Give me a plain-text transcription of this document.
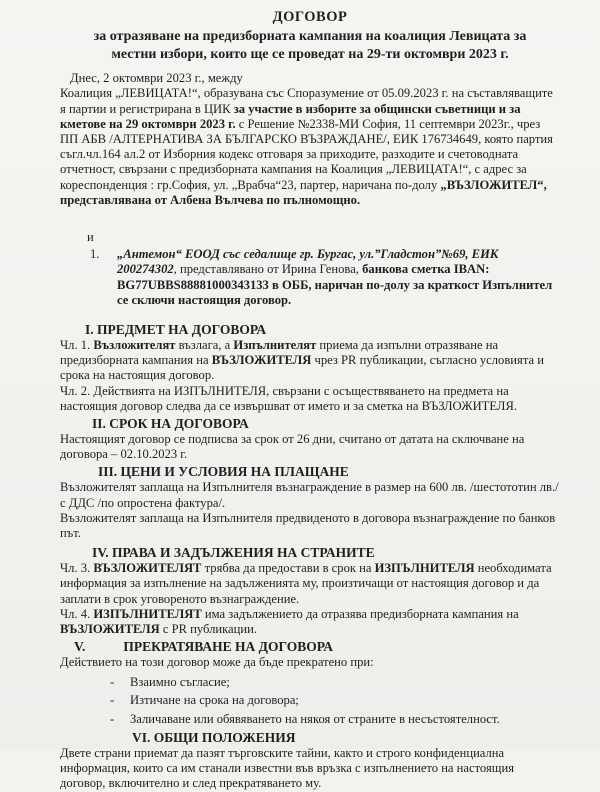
ДОГОВОР
за отразяване на предизборната кампания на коалиция Левицата за
местни избори, които ще се проведат на 29-ти октомври 2023 г.

Днес, 2 октомври 2023 г., между

Коалиция „ЛЕВИЦАТА!“, образувана със Споразумение от 05.09.2023 г. на съставляващите я партии и регистрирана в ЦИК за участие в изборите за общински съветници и за кметове на 29 октомври 2023 г. с Решение №2338-МИ София, 11 септември 2023г., чрез ПП АБВ /АЛТЕРНАТИВА ЗА БЪЛГАРСКО ВЪЗРАЖДАНЕ/, ЕИК 176734649, която партия съгл.чл.164 ал.2 от Изборния кодекс отговаря за приходите, разходите и счетоводната отчетност, свързани с предизборната кампания на Коалиция „ЛЕВИЦАТА!“, с адрес за кореспонденция : гр.София, ул. „Врабча“23, партер, наричана по-долу „ВЪЗЛОЖИТЕЛ“, представлявана от Албена Вълчева по пълномощно.

и

1.	„Антемон“ ЕООД със седалище гр. Бургас, ул.”Гладстон”№69, ЕИК 200274302, представлявано от Ирина Генова, банкова сметка IBAN: BG77UBBS88881000343133 в ОББ, наричан по-долу за краткост Изпълнител се сключи настоящия договор.
I. ПРЕДМЕТ НА ДОГОВОРА

Чл. 1. Възложителят възлага, а Изпълнителят приема да изпълни отразяване на предизборната кампания на ВЪЗЛОЖИТЕЛЯ чрез PR публикации, съгласно условията и срока на настоящия договор.

Чл. 2. Действията на ИЗПЪЛНИТЕЛЯ, свързани с осъществяването на предмета на настоящия договор следва да се извършват от името и за сметка на ВЪЗЛОЖИТЕЛЯ.

II. СРОК НА ДОГОВОРА

Настоящият договор се подписва за срок от 26 дни, считано от датата на сключване на договора – 02.10.2023 г.

III. ЦЕНИ И УСЛОВИЯ НА ПЛАЩАНЕ

Възложителят заплаща на Изпълнителя възнаграждение в размер на 600 лв. /шестототин лв./ с ДДС /по опростена фактура/.

Възложителят заплаща на Изпълнителя предвиденото в договора възнаграждение по банков път.

IV. ПРАВА И ЗАДЪЛЖЕНИЯ НА СТРАНИТЕ

Чл. 3. ВЪЗЛОЖИТЕЛЯТ трябва да предостави в срок на ИЗПЪЛНИТЕЛЯ необходимата информация за изпълнение на задълженията му, произтичащи от настоящия договор и да заплати в срок уговореното възнаграждение.

Чл. 4. ИЗПЪЛНИТЕЛЯТ има задължението да отразява предизборната кампания на ВЪЗЛОЖИТЕЛЯ с PR публикации.

V.	ПРЕКРАТЯВАНЕ НА ДОГОВОРА

Действието на този договор може да бъде прекратено при:

-	Взаимно съгласие;
-	Изтичане на срока на договора;
-	Заличаване или обявяването на някоя от страните в несъстоятелност.
VI. ОБЩИ ПОЛОЖЕНИЯ

Двете страни приемат да пазят търговските тайни, както и строго конфиденциална информация, които са им станали известни във връзка с изпълнението на настоящия договор, включително и след прекратяването му.
